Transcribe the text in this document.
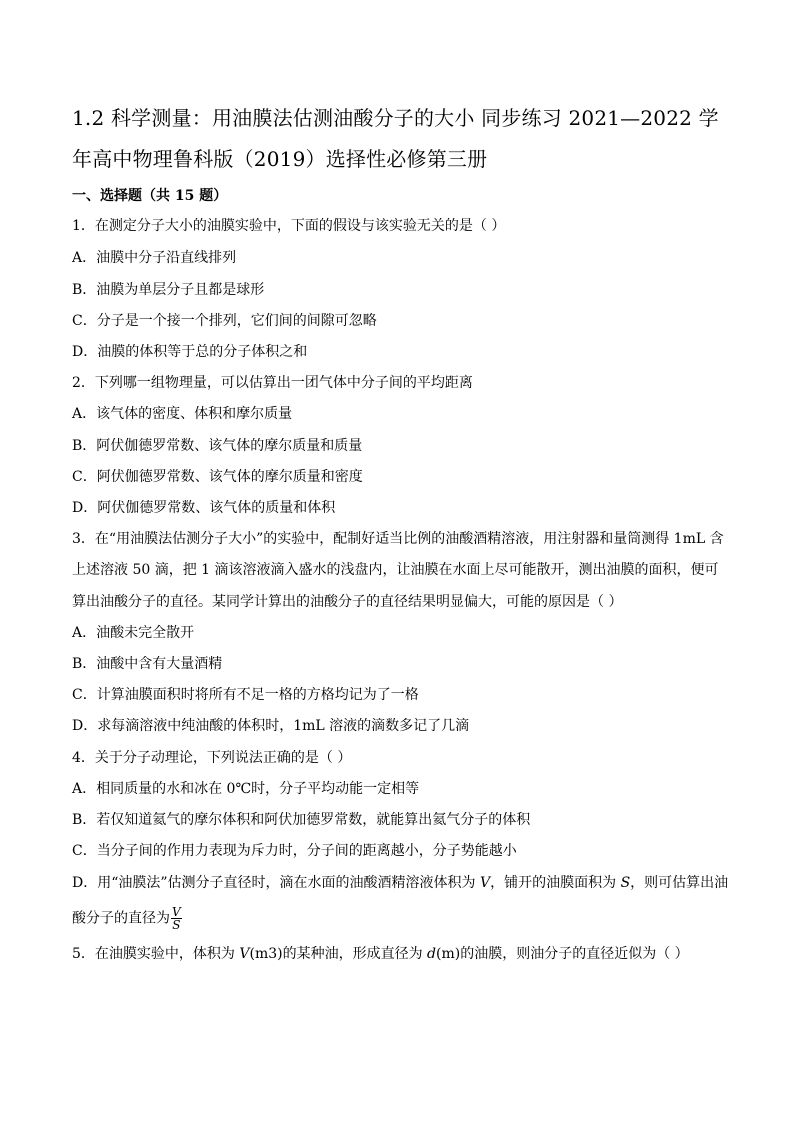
1.2 科学测量：用油膜法估测油酸分子的大小 同步练习 2021—2022 学
年高中物理鲁科版（2019）选择性必修第三册
一、选择题（共 15 题）
1．在测定分子大小的油膜实验中，下面的假设与该实验无关的是（ ）
A．油膜中分子沿直线排列
B．油膜为单层分子且都是球形
C．分子是一个接一个排列，它们间的间隙可忽略
D．油膜的体积等于总的分子体积之和
2．下列哪一组物理量，可以估算出一团气体中分子间的平均距离
A．该气体的密度、体积和摩尔质量
B．阿伏伽德罗常数、该气体的摩尔质量和质量
C．阿伏伽德罗常数、该气体的摩尔质量和密度
D．阿伏伽德罗常数、该气体的质量和体积
3．在“用油膜法估测分子大小”的实验中，配制好适当比例的油酸酒精溶液，用注射器和量筒测得 1mL 含
上述溶液 50 滴，把 1 滴该溶液滴入盛水的浅盘内，让油膜在水面上尽可能散开，测出油膜的面积，便可
算出油酸分子的直径。某同学计算出的油酸分子的直径结果明显偏大，可能的原因是（ ）
A．油酸未完全散开
B．油酸中含有大量酒精
C．计算油膜面积时将所有不足一格的方格均记为了一格
D．求每滴溶液中纯油酸的体积时，1mL 溶液的滴数多记了几滴
4．关于分子动理论，下列说法正确的是（ ）
A．相同质量的水和冰在 0℃时，分子平均动能一定相等
B．若仅知道氦气的摩尔体积和阿伏加德罗常数，就能算出氦气分子的体积
C．当分子间的作用力表现为斥力时，分子间的距离越小，分子势能越小
D．用“油膜法”估测分子直径时，滴在水面的油酸酒精溶液体积为 V，铺开的油膜面积为 S，则可估算出油
酸分子的直径为 $\frac{V}{S}$
5．在油膜实验中，体积为 V(m3)的某种油，形成直径为 d(m)的油膜，则油分子的直径近似为（ ）
